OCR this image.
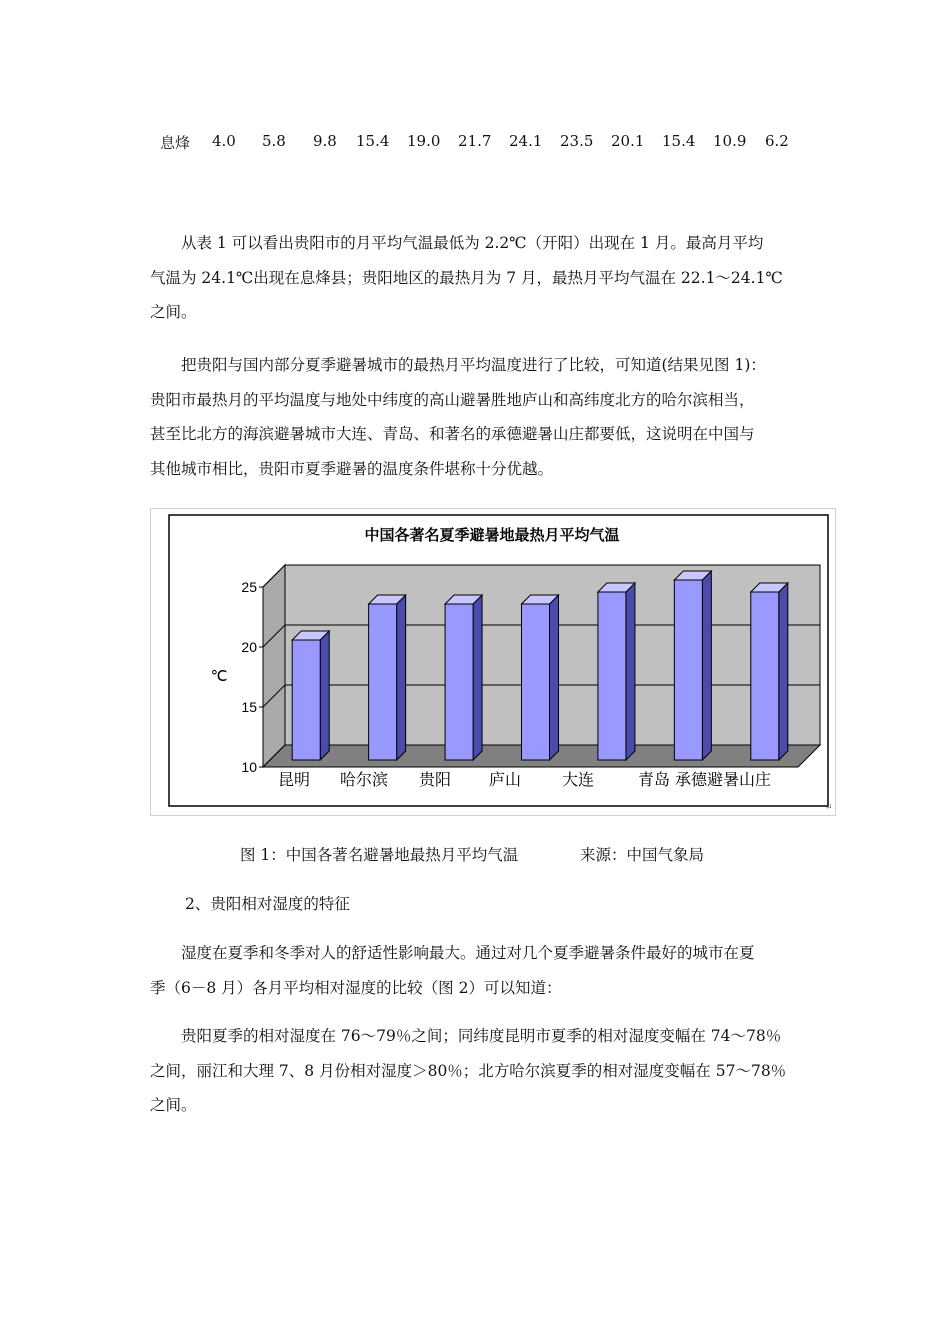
息烽 4.0 5.8 9.8 15.4 19.0 21.7 24.1 23.5 20.1 15.4 10.9 6.2

从表 1 可以看出贵阳市的月平均气温最低为 2.2℃（开阳）出现在 1 月。最高月平均
气温为 24.1℃出现在息烽县；贵阳地区的最热月为 7 月，最热月平均气温在 22.1～24.1℃
之间。

把贵阳与国内部分夏季避暑城市的最热月平均温度进行了比较，可知道(结果见图 1)：
贵阳市最热月的平均温度与地处中纬度的高山避暑胜地庐山和高纬度北方的哈尔滨相当，
甚至比北方的海滨避暑城市大连、青岛、和著名的承德避暑山庄都要低，这说明在中国与
其他城市相比，贵阳市夏季避暑的温度条件堪称十分优越。

中国各著名夏季避暑地最热月平均气温
℃
10
15
20
25
昆明 哈尔滨 贵阳 庐山	大连	青岛 承德避暑山庄
↵
图 1：中国各著名避暑地最热月平均气温	来源：中国气象局
2、贵阳相对湿度的特征

湿度在夏季和冬季对人的舒适性影响最大。通过对几个夏季避暑条件最好的城市在夏
季（6－8 月）各月平均相对湿度的比较（图 2）可以知道：

贵阳夏季的相对湿度在 76～79％之间；同纬度昆明市夏季的相对湿度变幅在 74～78％
之间，丽江和大理 7、8 月份相对湿度＞80％；北方哈尔滨夏季的相对湿度变幅在 57～78％
之间。
